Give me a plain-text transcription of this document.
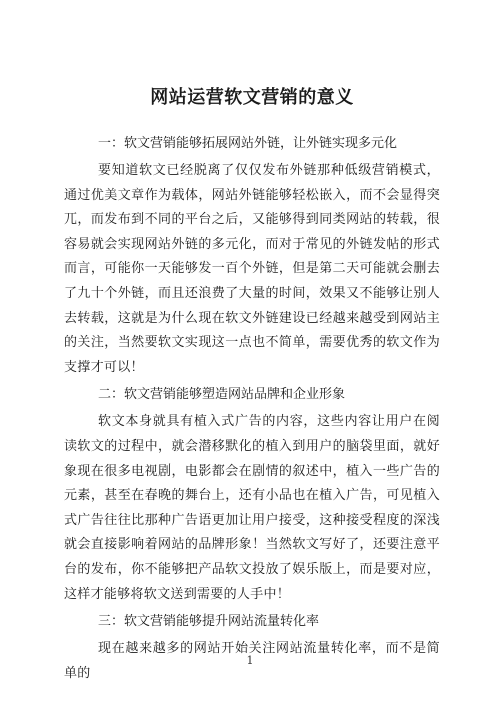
网站运营软文营销的意义
一：软文营销能够拓展网站外链，让外链实现多元化
要知道软文已经脱离了仅仅发布外链那种低级营销模式，通过优美文章作为载体，网站外链能够轻松嵌入，而不会显得突兀，而发布到不同的平台之后，又能够得到同类网站的转载，很容易就会实现网站外链的多元化，而对于常见的外链发帖的形式而言，可能你一天能够发一百个外链，但是第二天可能就会删去了九十个外链，而且还浪费了大量的时间，效果又不能够让别人去转载，这就是为什么现在软文外链建设已经越来越受到网站主的关注，当然要软文实现这一点也不简单，需要优秀的软文作为支撑才可以！
二：软文营销能够塑造网站品牌和企业形象
软文本身就具有植入式广告的内容，这些内容让用户在阅读软文的过程中，就会潜移默化的植入到用户的脑袋里面，就好象现在很多电视剧，电影都会在剧情的叙述中，植入一些广告的元素，甚至在春晚的舞台上，还有小品也在植入广告，可见植入式广告往往比那种广告语更加让用户接受，这种接受程度的深浅就会直接影响着网站的品牌形象！当然软文写好了，还要注意平台的发布，你不能够把产品软文投放了娱乐版上，而是要对应，这样才能够将软文送到需要的人手中！
三：软文营销能够提升网站流量转化率
现在越来越多的网站开始关注网站流量转化率，而不是简单的
1
